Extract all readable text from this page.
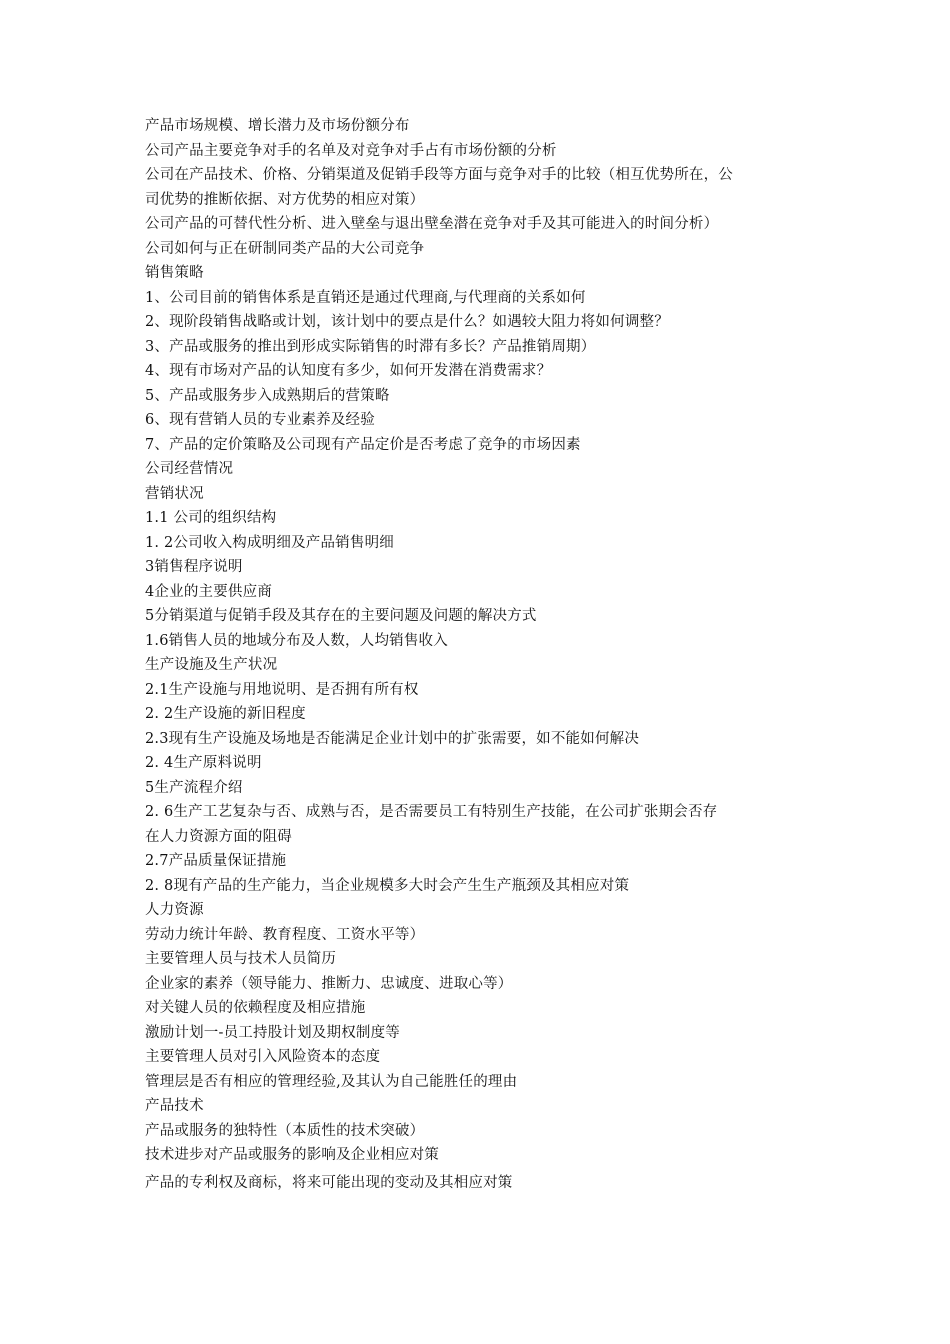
产品市场规模、增长潜力及市场份额分布
公司产品主要竞争对手的名单及对竞争对手占有市场份额的分析
公司在产品技术、价格、分销渠道及促销手段等方面与竞争对手的比较（相互优势所在，公
司优势的推断依据、对方优势的相应对策）
公司产品的可替代性分析、进入壁垒与退出壁垒潜在竞争对手及其可能进入的时间分析）
公司如何与正在研制同类产品的大公司竞争
销售策略
1、公司目前的销售体系是直销还是通过代理商,与代理商的关系如何
2、现阶段销售战略或计划，该计划中的要点是什么？如遇较大阻力将如何调整？
3、产品或服务的推出到形成实际销售的时滞有多长？产品推销周期）
4、现有市场对产品的认知度有多少，如何开发潜在消费需求？
5、产品或服务步入成熟期后的营策略
6、现有营销人员的专业素养及经验
7、产品的定价策略及公司现有产品定价是否考虑了竞争的市场因素
公司经营情况
营销状况
1.1 公司的组织结构
1. 2公司收入构成明细及产品销售明细
3销售程序说明
4企业的主要供应商
5分销渠道与促销手段及其存在的主要问题及问题的解决方式
1.6销售人员的地域分布及人数，人均销售收入
生产设施及生产状况
2.1生产设施与用地说明、是否拥有所有权
2. 2生产设施的新旧程度
2.3现有生产设施及场地是否能满足企业计划中的扩张需要，如不能如何解决
2. 4生产原料说明
5生产流程介绍
2. 6生产工艺复杂与否、成熟与否，是否需要员工有特别生产技能，在公司扩张期会否存
在人力资源方面的阻碍
2.7产品质量保证措施
2. 8现有产品的生产能力，当企业规模多大时会产生生产瓶颈及其相应对策
人力资源
劳动力统计年龄、教育程度、工资水平等）
主要管理人员与技术人员简历
企业家的素养（领导能力、推断力、忠诚度、进取心等）
对关键人员的依赖程度及相应措施
激励计划一-员工持股计划及期权制度等
主要管理人员对引入风险资本的态度
管理层是否有相应的管理经验,及其认为自己能胜任的理由
产品技术
产品或服务的独特性（本质性的技术突破）
技术进步对产品或服务的影响及企业相应对策
产品的专利权及商标，将来可能出现的变动及其相应对策
